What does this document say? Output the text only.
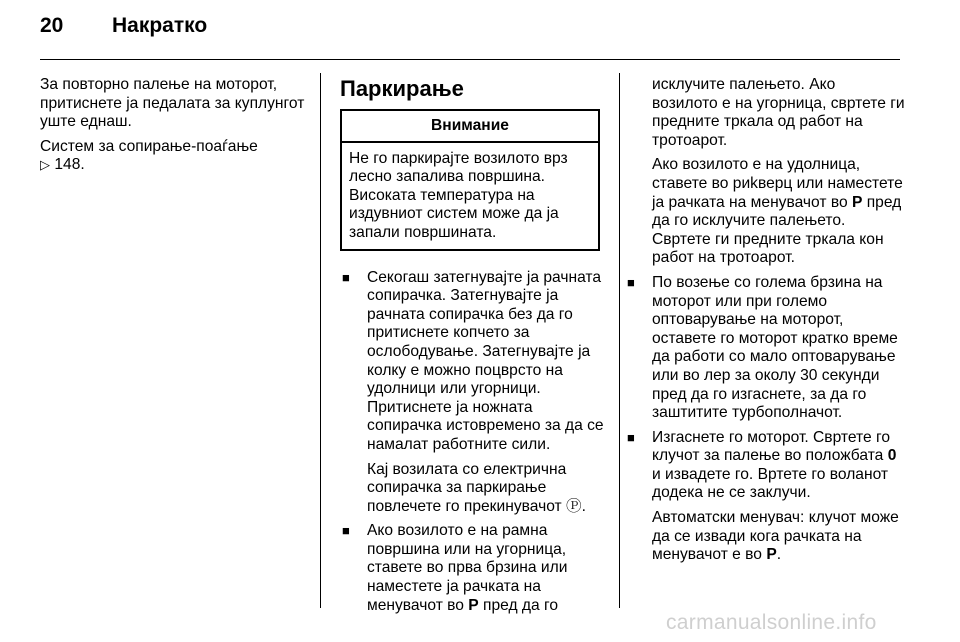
20	Накратко

За повторно палење на моторот, притиснете ја педалата за куплунгот уште еднаш.

Систем за сопирање-поаѓање
▷ 148.

Паркирање
Внимание
Не го паркирајте возилото врз лесно запалива површина. Високата температура на издувниот систем може да ја запали површината.
■ Секогаш затегнувајте ја рачната сопирачка. Затегнувајте ја рачната сопирачка без да го притиснете копчето за ослободување. Затегнувајте ја колку е можно поцврсто на удолници или угорници. Притиснете ја ножната сопирачка истовремено за да се намалат работните сили.

Кај возилата со електрична сопирачка за паркирање повлечете го прекинувачот Ⓟ.

■ Ако возилото е на рамна површина или на угорница, ставете во прва брзина или наместете ја рачката на менувачот во P пред да го

исклучите палењето. Ако возилото е на угорница, свртете ги предните тркала од работ на тротоарот.

Ако возилото е на удолница, ставете во риkверц или наместете ја рачката на менувачот во P пред да го исклучите палењето. Свртете ги предните тркала кон работ на тротоарот.

■ По возење со голема брзина на моторот или при големо оптоварување на моторот, оставете го моторот кратко време да работи со мало оптоварување или во лер за околу 30 секунди пред да го изгаснете, за да го заштитите турбополначот.
■ Изгаснете го моторот. Свртете го клучот за палење во положбата 0 и извадете го. Вртете го воланот додека не се заклучи.

Автоматски менувач: клучот може да се извади кога рачката на менувачот е во P.

carmanualsonline.info
